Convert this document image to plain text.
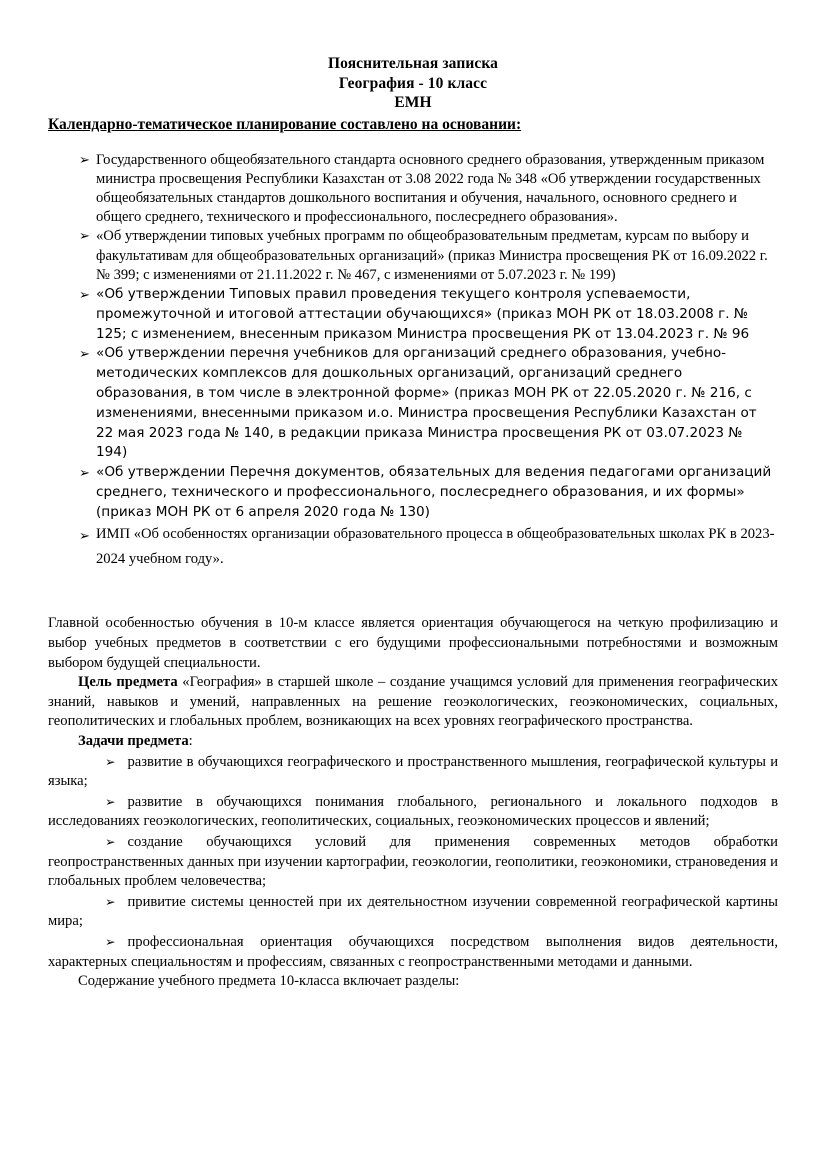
Пояснительная записка
География - 10 класс
ЕМН
Календарно-тематическое планирование составлено на основании:
➢ Государственного общеобязательного стандарта основного среднего образования, утвержденным приказом министра просвещения Республики Казахстан от 3.08 2022 года № 348 «Об утверждении государственных общеобязательных стандартов дошкольного воспитания и обучения, начального, основного среднего и общего среднего, технического и профессионального, послесреднего образования».
➢ «Об утверждении типовых учебных программ по общеобразовательным предметам, курсам по выбору и факультативам для общеобразовательных организаций» (приказ Министра просвещения РК от 16.09.2022 г. № 399; с изменениями от 21.11.2022 г. № 467, с изменениями от 5.07.2023 г. № 199)
➢ «Об утверждении Типовых правил проведения текущего контроля успеваемости, промежуточной и итоговой аттестации обучающихся» (приказ МОН РК от 18.03.2008 г. № 125; с изменением, внесенным приказом Министра просвещения РК от 13.04.2023 г. № 96
➢ «Об утверждении перечня учебников для организаций среднего образования, учебно-методических комплексов для дошкольных организаций, организаций среднего образования, в том числе в электронной форме» (приказ МОН РК от 22.05.2020 г. № 216, с изменениями, внесенными приказом и.о. Министра просвещения Республики Казахстан от 22 мая 2023 года № 140, в редакции приказа Министра просвещения РК от 03.07.2023 № 194)
➢ «Об утверждении Перечня документов, обязательных для ведения педагогами организаций среднего, технического и профессионального, послесреднего образования, и их формы» (приказ МОН РК от 6 апреля 2020 года № 130)
➢ ИМП «Об особенностях организации образовательного процесса в общеобразовательных школах РК в 2023-2024 учебном году».

Главной особенностью обучения в 10-м классе является ориентация обучающегося на четкую профилизацию и выбор учебных предметов в соответствии с его будущими профессиональными потребностями и возможным выбором будущей специальности.

Цель предмета «География» в старшей школе – создание учащимся условий для применения географических знаний, навыков и умений, направленных на решение геоэкологических, геоэкономических, социальных, геополитических и глобальных проблем, возникающих на всех уровнях географического пространства.

Задачи предмета:

➢ развитие в обучающихся географического и пространственного мышления, географической культуры и языка;

➢ развитие в обучающихся понимания глобального, регионального и локального подходов в исследованиях геоэкологических, геополитических, социальных, геоэкономических процессов и явлений;

➢ создание обучающихся условий для применения современных методов обработки геопространственных данных при изучении картографии, геоэкологии, геополитики, геоэкономики, страноведения и глобальных проблем человечества;

➢ привитие системы ценностей при их деятельностном изучении современной географической картины мира;

➢ профессиональная ориентация обучающихся посредством выполнения видов деятельности, характерных специальностям и профессиям, связанных с геопространственными методами и данными.

Содержание учебного предмета 10-класса включает разделы:
